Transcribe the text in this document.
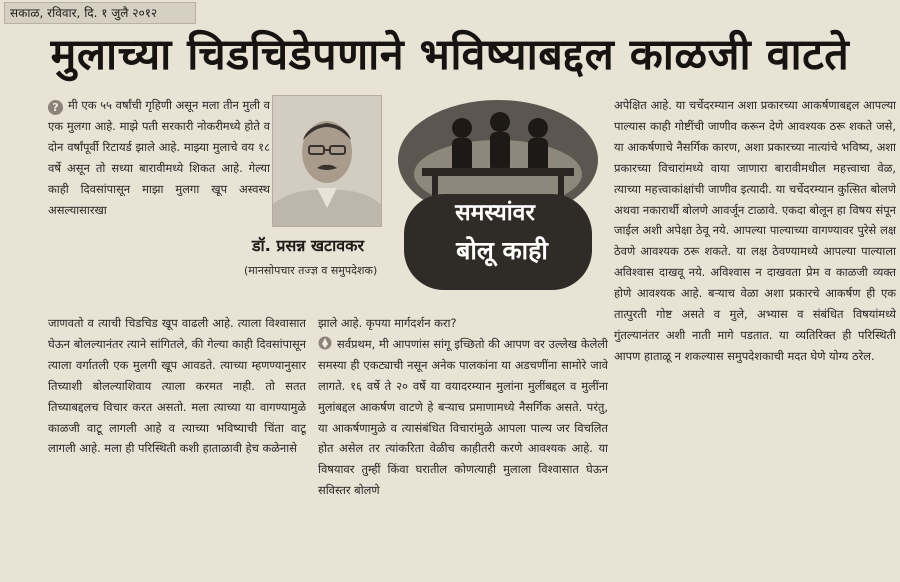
सकाळ, रविवार, दि. १ जुलै २०१२
मुलाच्या चिडचिडेपणाने भविष्याबद्दल काळजी वाटते
? मी एक ५५ वर्षांची गृहिणी असून मला तीन मुली व एक मुलगा आहे. माझे पती सरकारी नोकरीमध्ये होते व दोन वर्षांपूर्वी रिटायर्ड झाले आहे. माझ्या मुलाचे वय १८ वर्षे असून तो सध्या बारावीमध्ये शिकत आहे. गेल्या काही दिवसांपासून माझा मुलगा खूप अस्वस्थ असल्यासारखा
जाणवतो व त्याची चिडचिड खूप वाढली आहे. त्याला विश्वासात घेऊन बोलल्यानंतर त्याने सांगितले, की गेल्या काही दिवसांपासून त्याला वर्गातली एक मुलगी खूप आवडते. त्याच्या म्हणण्यानुसार तिच्याशी बोलल्याशिवाय त्याला करमत नाही. तो सतत तिच्याबद्दलच विचार करत असतो. मला त्याच्या या वागण्यामुळे काळजी वाटू लागली आहे व त्याच्या भविष्याची चिंता वाटू लागली आहे. मला ही परिस्थिती कशी हाताळावी हेच कळेनासे
झाले आहे. कृपया मार्गदर्शन करा?
सर्वप्रथम, मी आपणांस सांगू इच्छितो की आपण वर उल्लेख केलेली समस्या ही एकट्याची नसून अनेक पालकांना या अडचणींना सामोरे जावे लागते. १६ वर्षे ते २० वर्षे या वयादरम्यान मुलांना मुलींबद्दल व मुलींना मुलांबद्दल आकर्षण वाटणे हे बऱ्याच प्रमाणामध्ये नैसर्गिक असते. परंतु, या आकर्षणामुळे व त्यासंबंधित विचारांमुळे आपला पाल्य जर विचलित होत असेल तर त्यांकरिता वेळीच काहीतरी करणे आवश्यक आहे. या विषयावर तुम्हीं किंवा घरातील कोणत्याही मुलाला विश्वासात घेऊन सविस्तर बोलणे
अपेक्षित आहे. या चर्चेदरम्यान अशा प्रकारच्या आकर्षणाबद्दल आपल्या पाल्यास काही गोष्टींची जाणीव करून देणे आवश्यक ठरू शकते जसे, या आकर्षणाचे नैसर्गिक कारण, अशा प्रकारच्या नात्यांचे भविष्य, अशा प्रकारच्या विचारांमध्ये वाया जाणारा बारावीमधील महत्त्वाचा वेळ, त्याच्या महत्त्वाकांक्षांची जाणीव इत्यादी. या चर्चेदरम्यान कुत्सित बोलणे अथवा नकारार्थी बोलणे आवर्जून टाळावे. एकदा बोलून हा विषय संपून जाईल अशी अपेक्षा ठेवू नये. आपल्या पाल्याच्या वागण्यावर पुरेसे लक्ष ठेवणे आवश्यक ठरू शकते. या लक्ष ठेवण्यामध्ये आपल्या पाल्याला अविश्वास दाखवू नये. अविश्वास न दाखवता प्रेम व काळजी व्यक्त होणे आवश्यक आहे. बऱ्याच वेळा अशा प्रकारचे आकर्षण ही एक तात्पुरती गोष्ट असते व मुले, अभ्यास व संबंधित विषयांमध्ये गुंतल्यानंतर अशी नाती मागे पडतात. या व्यतिरिक्त ही परिस्थिती आपण हाताळू न शकल्यास समुपदेशकाची मदत घेणे योग्य ठरेल.
डॉ. प्रसन्न खटावकर
(मानसोपचार तज्ज्ञ व समुपदेशक)
समस्यांवर
बोलू काही
